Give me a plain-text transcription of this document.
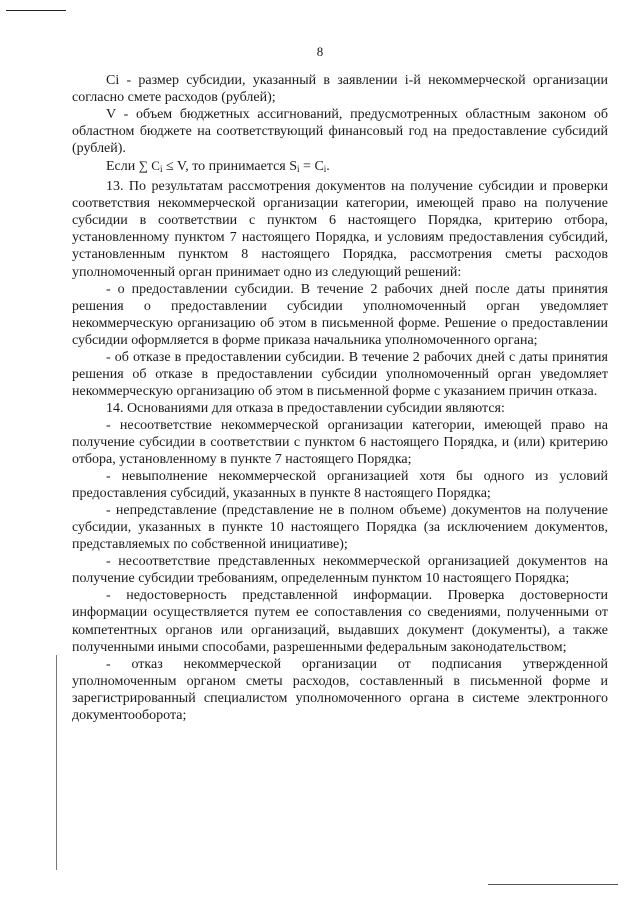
8

Ci - размер субсидии, указанный в заявлении i-й некоммерческой организации согласно смете расходов (рублей);

V - объем бюджетных ассигнований, предусмотренных областным законом об областном бюджете на соответствующий финансовый год на предоставление субсидий (рублей).

Если ∑ $C_i \le V$, то принимается $S_i = C_i$.

13. По результатам рассмотрения документов на получение субсидии и проверки соответствия некоммерческой организации категории, имеющей право на получение субсидии в соответствии с пунктом 6 настоящего Порядка, критерию отбора, установленному пунктом 7 настоящего Порядка, и условиям предоставления субсидий, установленным пунктом 8 настоящего Порядка, рассмотрения сметы расходов уполномоченный орган принимает одно из следующий решений:

- о предоставлении субсидии. В течение 2 рабочих дней после даты принятия решения о предоставлении субсидии уполномоченный орган уведомляет некоммерческую организацию об этом в письменной форме. Решение о предоставлении субсидии оформляется в форме приказа начальника уполномоченного органа;

- об отказе в предоставлении субсидии. В течение 2 рабочих дней с даты принятия решения об отказе в предоставлении субсидии уполномоченный орган уведомляет некоммерческую организацию об этом в письменной форме с указанием причин отказа.

14. Основаниями для отказа в предоставлении субсидии являются:

- несоответствие некоммерческой организации категории, имеющей право на получение субсидии в соответствии с пунктом 6 настоящего Порядка, и (или) критерию отбора, установленному в пункте 7 настоящего Порядка;

- невыполнение некоммерческой организацией хотя бы одного из условий предоставления субсидий, указанных в пункте 8 настоящего Порядка;

- непредставление (представление не в полном объеме) документов на получение субсидии, указанных в пункте 10 настоящего Порядка (за исключением документов, представляемых по собственной инициативе);

- несоответствие представленных некоммерческой организацией документов на получение субсидии требованиям, определенным пунктом 10 настоящего Порядка;

- недостоверность представленной информации. Проверка достоверности информации осуществляется путем ее сопоставления со сведениями, полученными от компетентных органов или организаций, выдавших документ (документы), а также полученными иными способами, разрешенными федеральным законодательством;

- отказ некоммерческой организации от подписания утвержденной уполномоченным органом сметы расходов, составленный в письменной форме и зарегистрированный специалистом уполномоченного органа в системе электронного документооборота;
